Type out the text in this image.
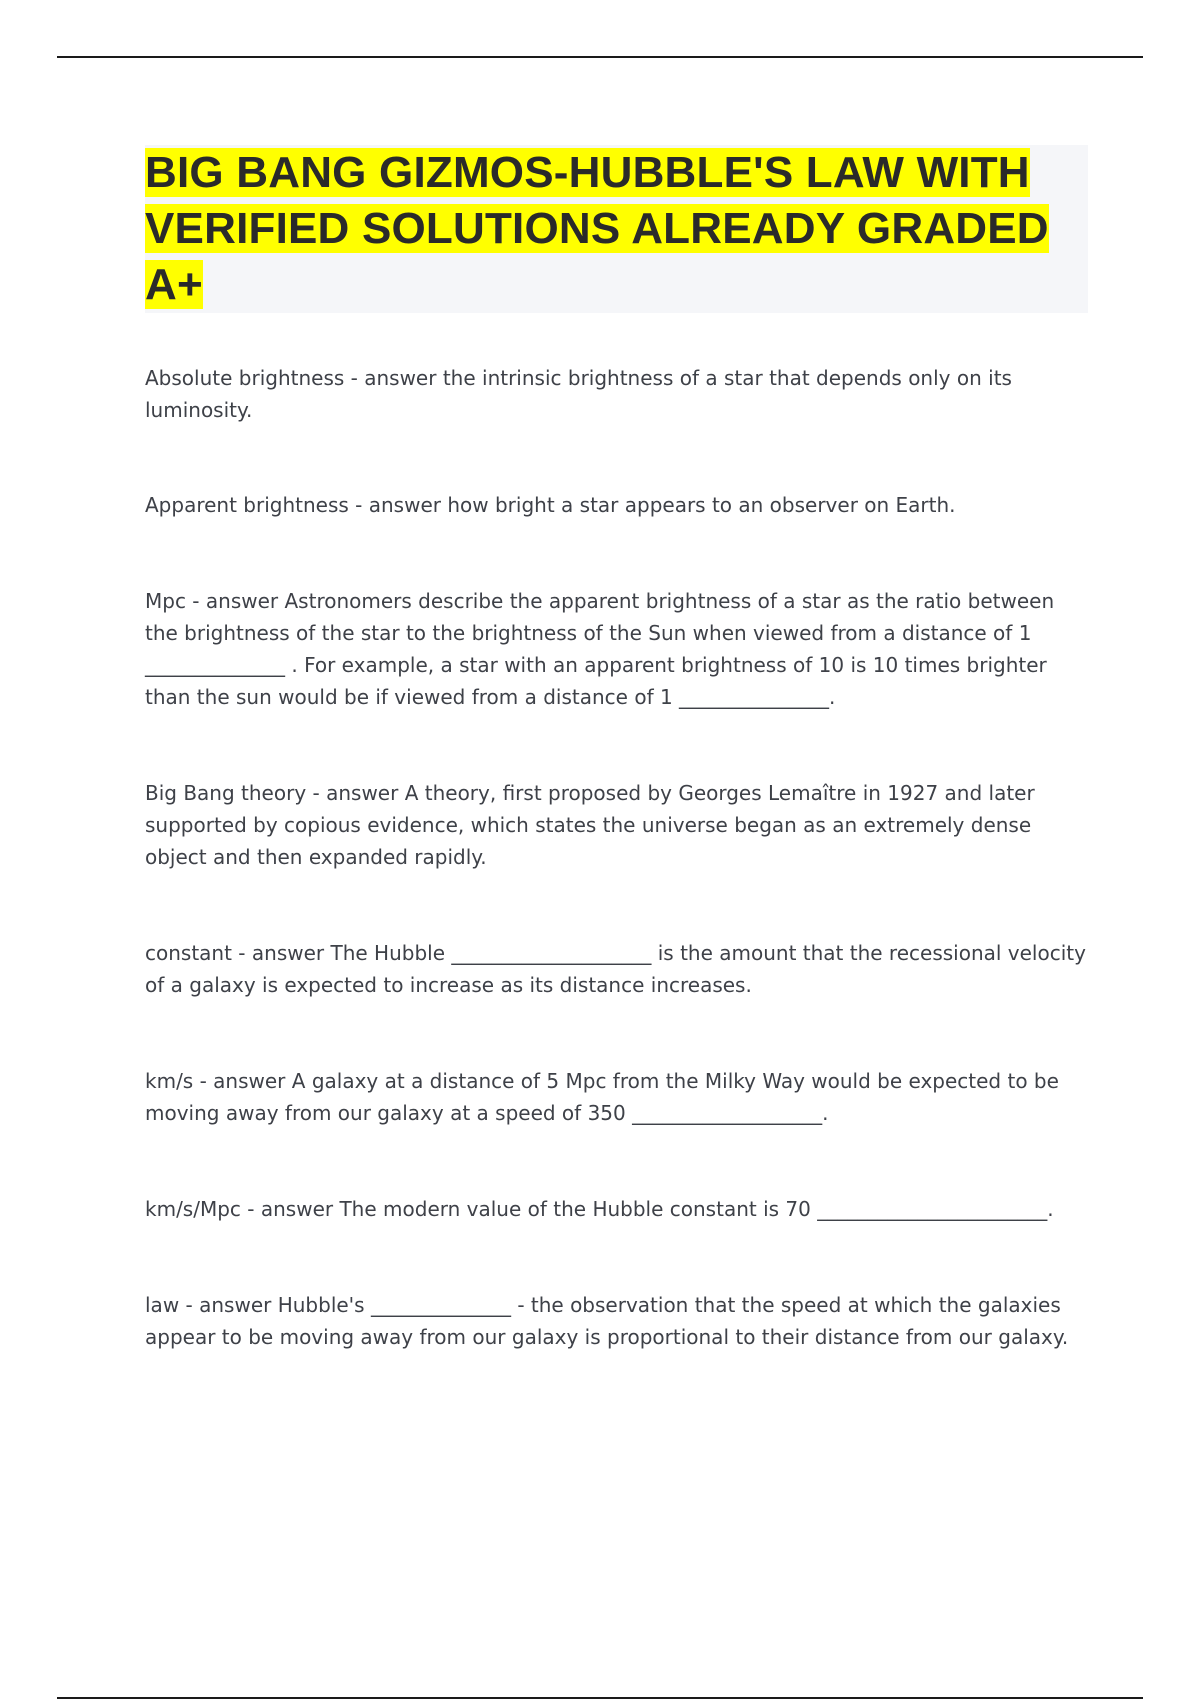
BIG BANG GIZMOS-HUBBLE'S LAW WITH VERIFIED SOLUTIONS ALREADY GRADED A+

Absolute brightness - answer the intrinsic brightness of a star that depends only on its luminosity.

Apparent brightness - answer how bright a star appears to an observer on Earth.

Mpc - answer Astronomers describe the apparent brightness of a star as the ratio between the brightness of the star to the brightness of the Sun when viewed from a distance of 1 ______________ . For example, a star with an apparent brightness of 10 is 10 times brighter than the sun would be if viewed from a distance of 1 _______________.

Big Bang theory - answer A theory, first proposed by Georges Lemaître in 1927 and later supported by copious evidence, which states the universe began as an extremely dense object and then expanded rapidly.

constant - answer The Hubble ____________________ is the amount that the recessional velocity of a galaxy is expected to increase as its distance increases.

km/s - answer A galaxy at a distance of 5 Mpc from the Milky Way would be expected to be moving away from our galaxy at a speed of 350 ___________________.

km/s/Mpc - answer The modern value of the Hubble constant is 70 _______________________.

law - answer Hubble's ______________ - the observation that the speed at which the galaxies appear to be moving away from our galaxy is proportional to their distance from our galaxy.
